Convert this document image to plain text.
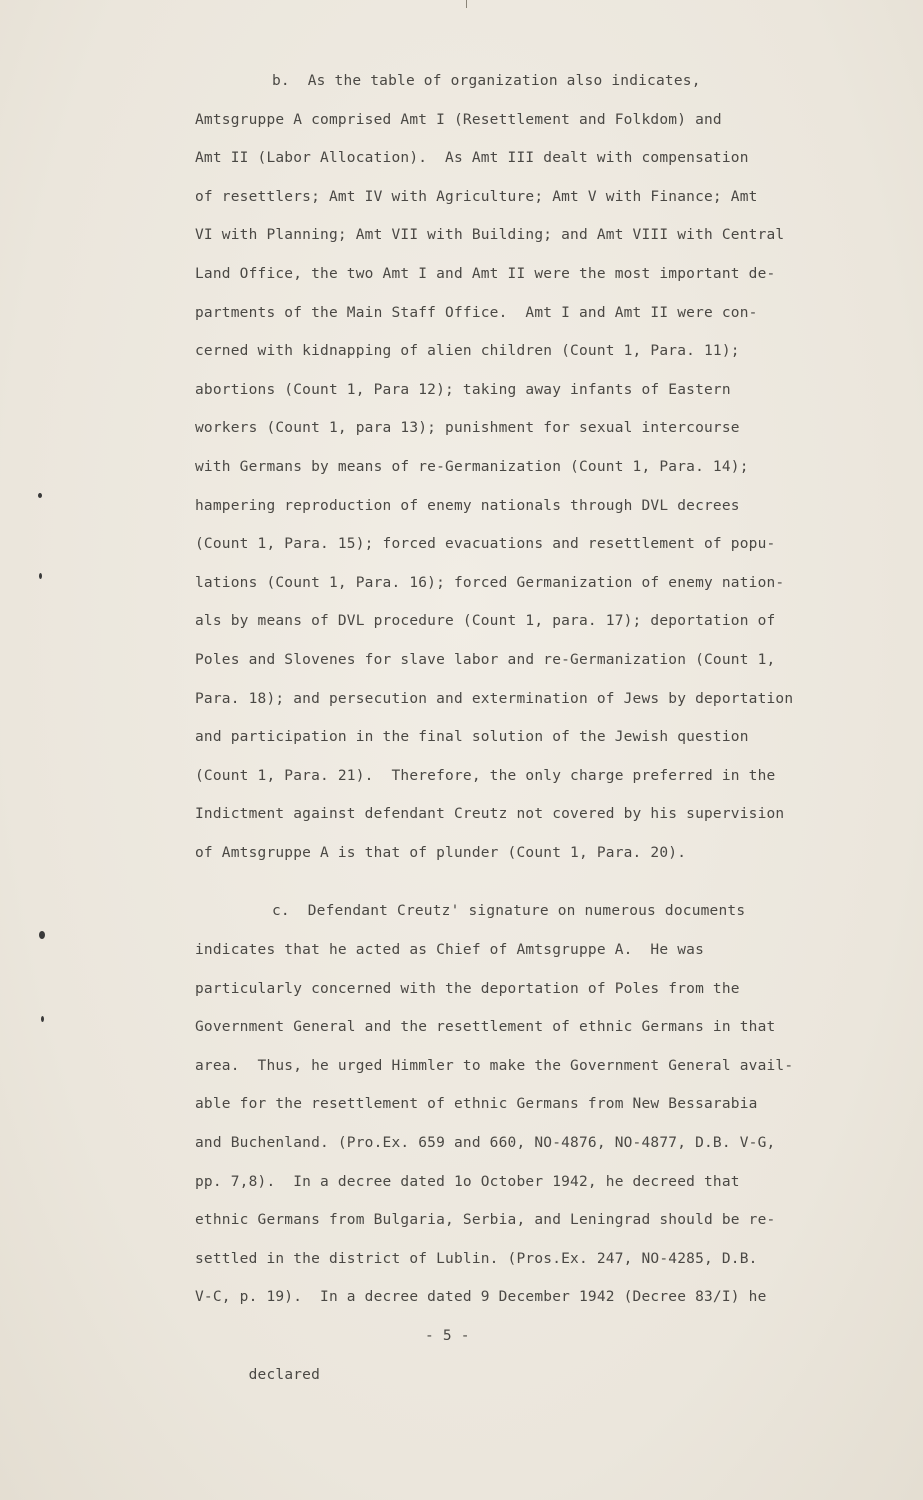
b.  As the table of organization also indicates,
Amtsgruppe A comprised Amt I (Resettlement and Folkdom) and
Amt II (Labor Allocation).  As Amt III dealt with compensation
of resettlers; Amt IV with Agriculture; Amt V with Finance; Amt
VI with Planning; Amt VII with Building; and Amt VIII with Central
Land Office, the two Amt I and Amt II were the most important de-
partments of the Main Staff Office.  Amt I and Amt II were con-
cerned with kidnapping of alien children (Count 1, Para. 11);
abortions (Count 1, Para 12); taking away infants of Eastern
workers (Count 1, para 13); punishment for sexual intercourse
with Germans by means of re-Germanization (Count 1, Para. 14);
hampering reproduction of enemy nationals through DVL decrees
(Count 1, Para. 15); forced evacuations and resettlement of popu-
lations (Count 1, Para. 16); forced Germanization of enemy nation-
als by means of DVL procedure (Count 1, para. 17); deportation of
Poles and Slovenes for slave labor and re-Germanization (Count 1,
Para. 18); and persecution and extermination of Jews by deportation
and participation in the final solution of the Jewish question
(Count 1, Para. 21).  Therefore, the only charge preferred in the
Indictment against defendant Creutz not covered by his supervision
of Amtsgruppe A is that of plunder (Count 1, Para. 20).
c.  Defendant Creutz' signature on numerous documents
indicates that he acted as Chief of Amtsgruppe A.  He was
particularly concerned with the deportation of Poles from the
Government General and the resettlement of ethnic Germans in that
area.  Thus, he urged Himmler to make the Government General avail-
able for the resettlement of ethnic Germans from New Bessarabia
and Buchenland. (Pro.Ex. 659 and 660, NO-4876, NO-4877, D.B. V-G,
pp. 7,8).  In a decree dated 1o October 1942, he decreed that
ethnic Germans from Bulgaria, Serbia, and Leningrad should be re-
settled in the district of Lublin. (Pros.Ex. 247, NO-4285, D.B.
V-C, p. 19).  In a decree dated 9 December 1942 (Decree 83/I) he

declared

- 5 -
